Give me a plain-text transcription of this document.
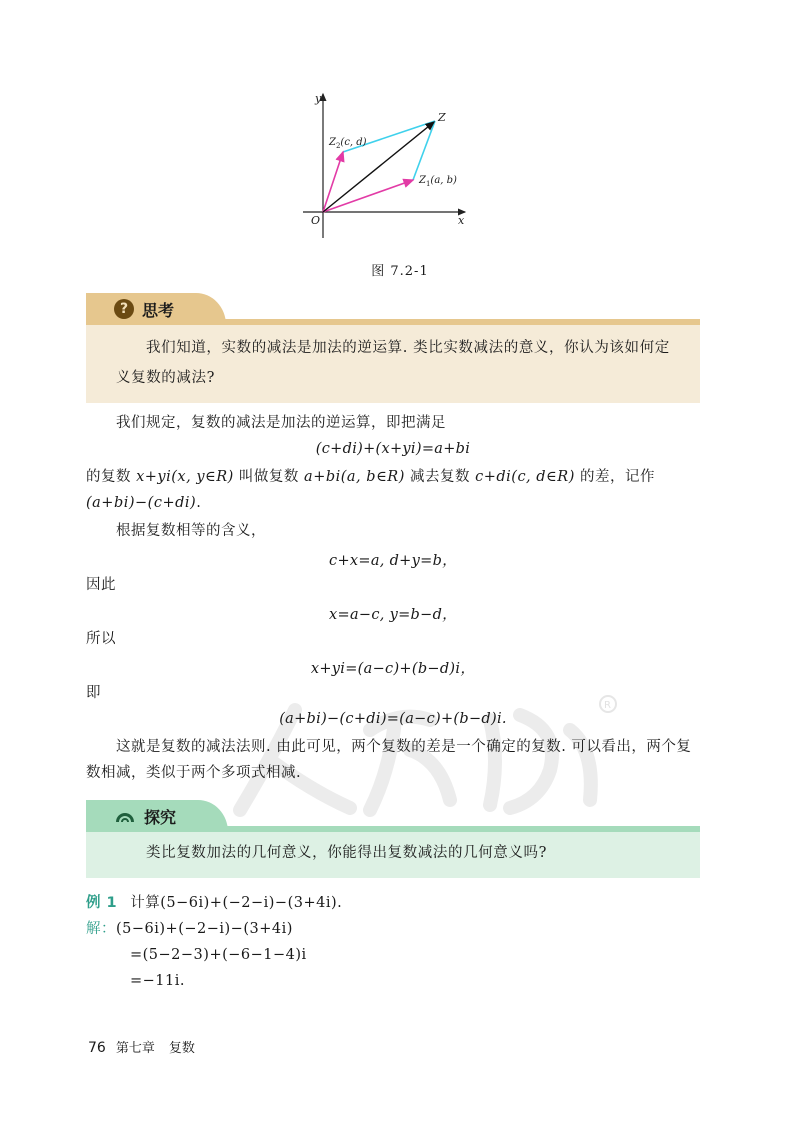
R
y
x
O
Z
$Z_2(c$, d)
$Z_1(a$, b)
图 7.2-1
? 思考
我们知道，实数的减法是加法的逆运算. 类比实数减法的意义，你认为该如何定义复数的减法?
我们规定，复数的减法是加法的逆运算，即把满足
(c+di)+(x+yi)=a+bi
的复数 x+yi(x, y∈R) 叫做复数 a+bi(a, b∈R) 减去复数 c+di(c, d∈R) 的差，记作(a+bi)−(c+di).
根据复数相等的含义，
c+x=a, d+y=b，
因此
x=a−c, y=b−d，
所以
x+yi=(a−c)+(b−d)i，
即
(a+bi)−(c+di)=(a−c)+(b−d)i.
这就是复数的减法法则. 由此可见，两个复数的差是一个确定的复数. 可以看出，两个复数相减，类似于两个多项式相减.
探究
类比复数加法的几何意义，你能得出复数减法的几何意义吗?
例 1 计算(5−6i)+(−2−i)−(3+4i).
解：(5−6i)+(−2−i)−(3+4i)
=(5−2−3)+(−6−1−4)i
=−11i.
76 第七章 复数
